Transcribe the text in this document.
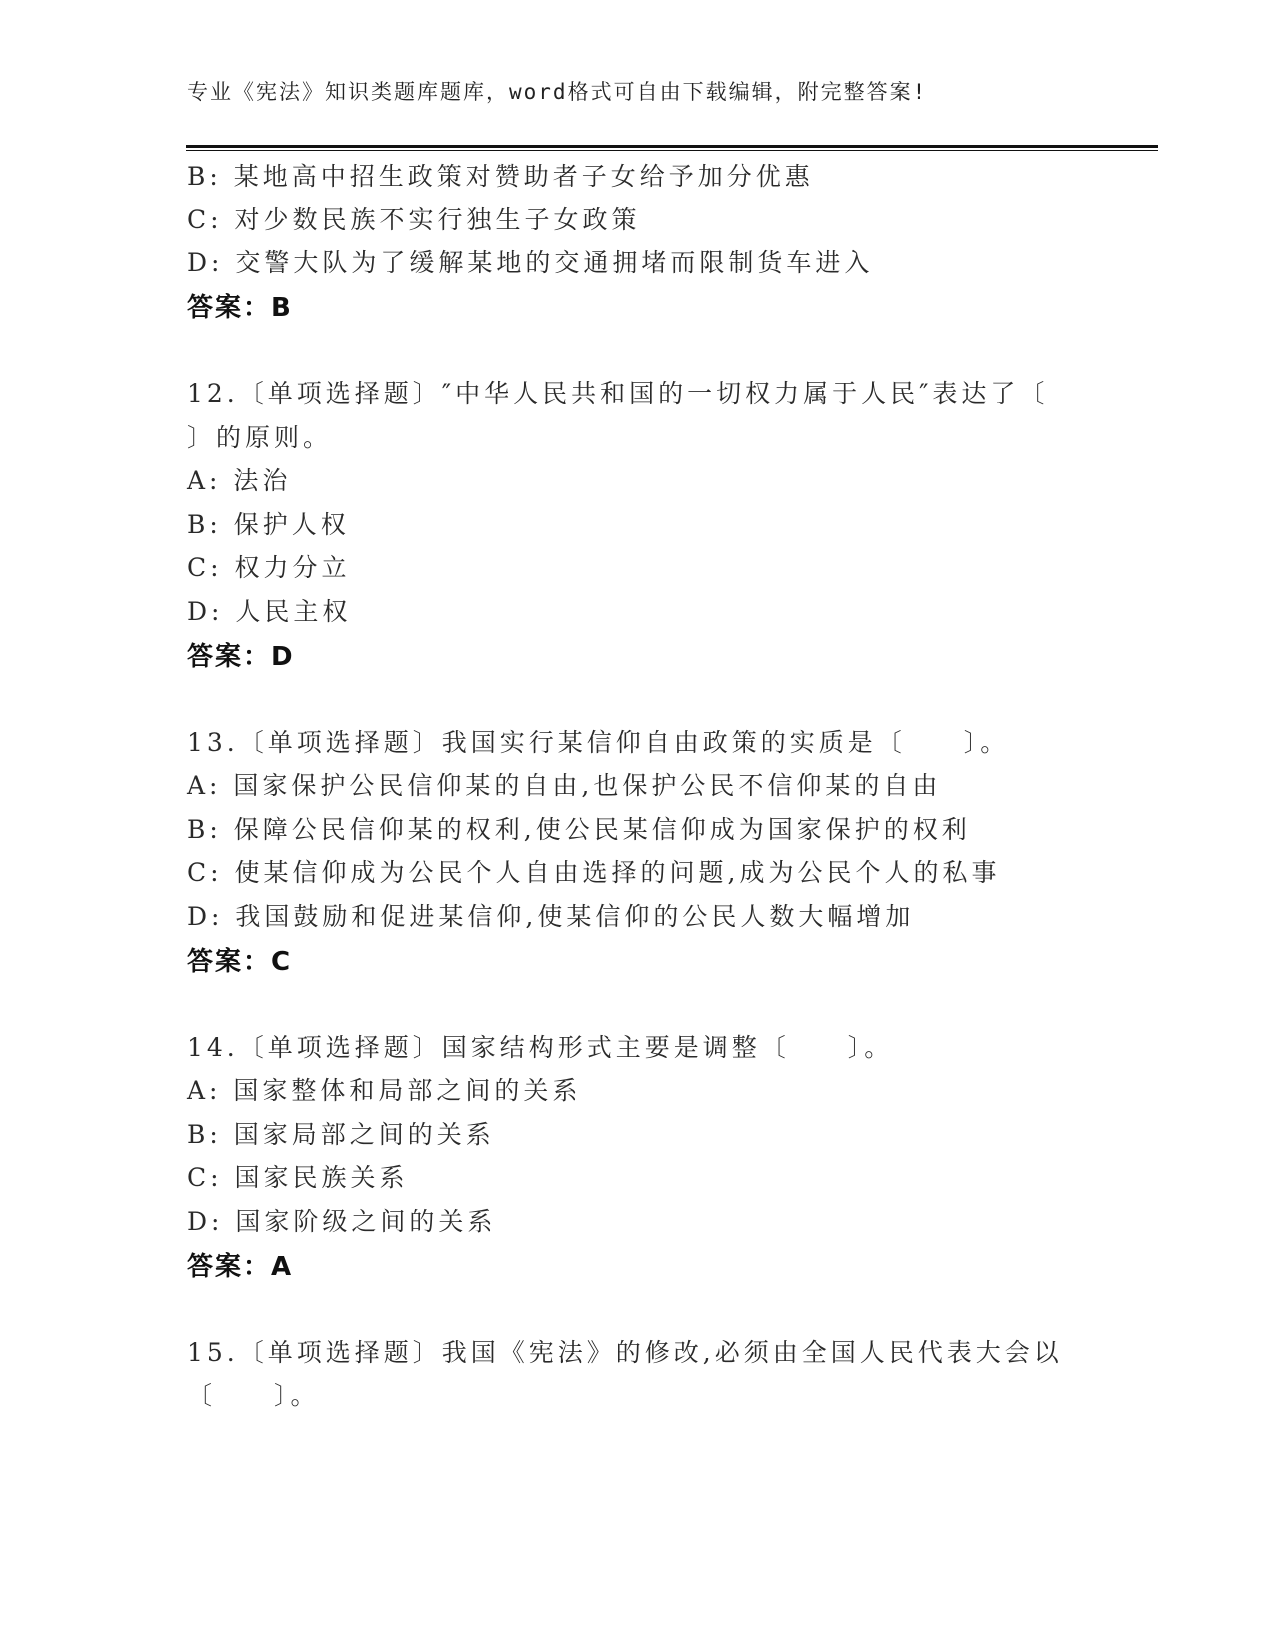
专业《宪法》知识类题库题库，word格式可自由下载编辑，附完整答案!
B: 某地高中招生政策对赞助者子女给予加分优惠
C: 对少数民族不实行独生子女政策
D: 交警大队为了缓解某地的交通拥堵而限制货车进入
答案：B
12.〔单项选择题〕″中华人民共和国的一切权力属于人民″表达了〔
〕的原则。
A: 法治
B: 保护人权
C: 权力分立
D: 人民主权
答案：D
13.〔单项选择题〕我国实行某信仰自由政策的实质是〔　　〕。
A: 国家保护公民信仰某的自由,也保护公民不信仰某的自由
B: 保障公民信仰某的权利,使公民某信仰成为国家保护的权利
C: 使某信仰成为公民个人自由选择的问题,成为公民个人的私事
D: 我国鼓励和促进某信仰,使某信仰的公民人数大幅增加
答案：C
14.〔单项选择题〕国家结构形式主要是调整〔　　〕。
A: 国家整体和局部之间的关系
B: 国家局部之间的关系
C: 国家民族关系
D: 国家阶级之间的关系
答案：A
15.〔单项选择题〕我国《宪法》的修改,必须由全国人民代表大会以
〔　　〕。
